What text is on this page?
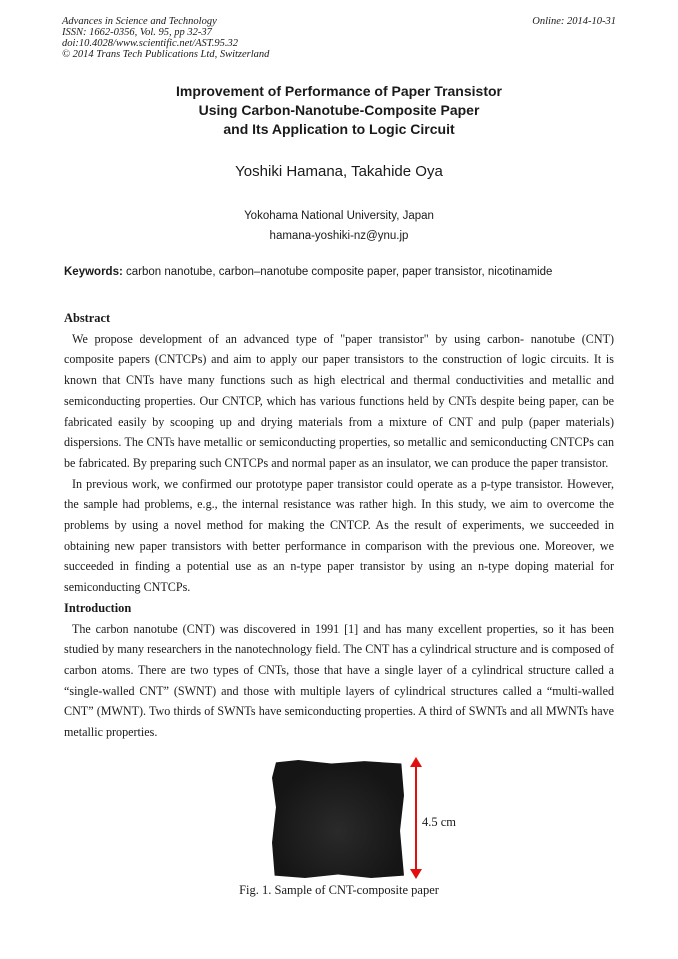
Advances in Science and Technology
ISSN: 1662-0356, Vol. 95, pp 32-37
doi:10.4028/www.scientific.net/AST.95.32
© 2014 Trans Tech Publications Ltd, Switzerland
Online: 2014-10-31
Improvement of Performance of Paper Transistor
Using Carbon-Nanotube-Composite Paper
and Its Application to Logic Circuit
Yoshiki Hamana, Takahide Oya
Yokohama National University, Japan
hamana-yoshiki-nz@ynu.jp
Keywords: carbon nanotube, carbon–nanotube composite paper, paper transistor, nicotinamide
Abstract

We propose development of an advanced type of "paper transistor" by using carbon- nanotube (CNT) composite papers (CNTCPs) and aim to apply our paper transistors to the construction of logic circuits. It is known that CNTs have many functions such as high electrical and thermal conductivities and metallic and semiconducting properties. Our CNTCP, which has various functions held by CNTs despite being paper, can be fabricated easily by scooping up and drying materials from a mixture of CNT and pulp (paper materials) dispersions. The CNTs have metallic or semiconducting properties, so metallic and semiconducting CNTCPs can be fabricated. By preparing such CNTCPs and normal paper as an insulator, we can produce the paper transistor.

In previous work, we confirmed our prototype paper transistor could operate as a p-type transistor. However, the sample had problems, e.g., the internal resistance was rather high. In this study, we aim to overcome the problems by using a novel method for making the CNTCP. As the result of experiments, we succeeded in obtaining new paper transistors with better performance in comparison with the previous one. Moreover, we succeeded in finding a potential use as an n-type paper transistor by using an n-type doping material for semiconducting CNTCPs.

Introduction

The carbon nanotube (CNT) was discovered in 1991 [1] and has many excellent properties, so it has been studied by many researchers in the nanotechnology field. The CNT has a cylindrical structure and is composed of carbon atoms. There are two types of CNTs, those that have a single layer of a cylindrical structure called a “single-walled CNT” (SWNT) and those with multiple layers of cylindrical structures called a “multi-walled CNT” (MWNT). Two thirds of SWNTs have semiconducting properties. A third of SWNTs and all MWNTs have metallic properties.

4.5 cm
Fig. 1. Sample of CNT-composite paper
